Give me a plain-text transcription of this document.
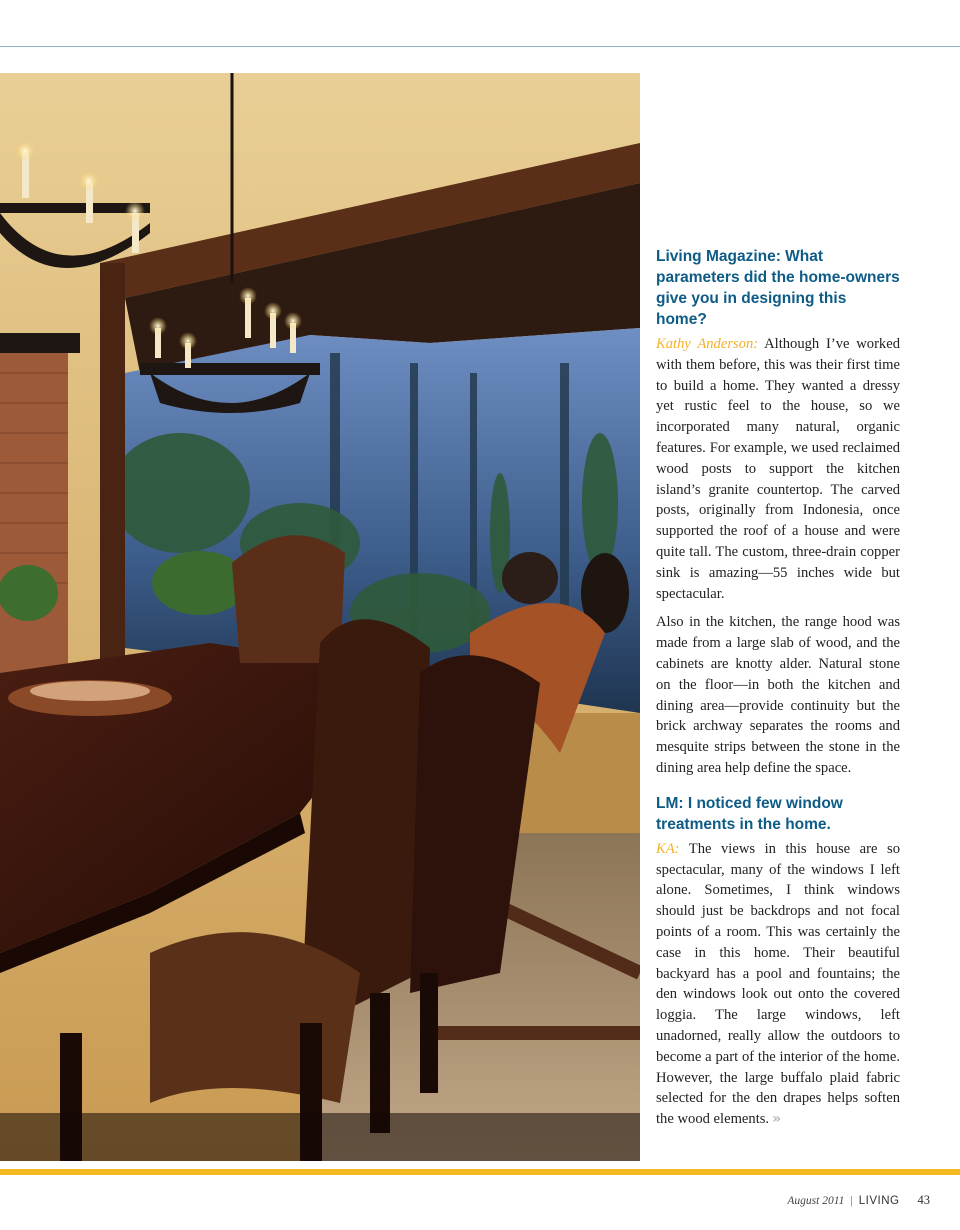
Living Magazine: What parameters did the home-owners give you in designing this home?

Kathy Anderson: Although I’ve worked with them before, this was their first time to build a home. They wanted a dressy yet rustic feel to the house, so we incorporated many natural, organic features. For example, we used reclaimed wood posts to support the kitchen island’s granite countertop. The carved posts, originally from Indonesia, once supported the roof of a house and were quite tall. The custom, three-drain copper sink is amazing—55 inches wide but spectacular.

Also in the kitchen, the range hood was made from a large slab of wood, and the cabinets are knotty alder. Natural stone on the floor—in both the kitchen and dining area—provide continuity but the brick archway separates the rooms and mesquite strips between the stone in the dining area help define the space.

LM: I noticed few window treatments in the home.

KA: The views in this house are so spectacular, many of the windows I left alone. Sometimes, I think windows should just be backdrops and not focal points of a room. This was certainly the case in this home. Their beautiful backyard has a pool and fountains; the den windows look out onto the covered loggia. The large windows, left unadorned, really allow the outdoors to become a part of the interior of the home. However, the large buffalo plaid fabric selected for the den drapes helps soften the wood elements. »

August 2011 | LIVING 43
